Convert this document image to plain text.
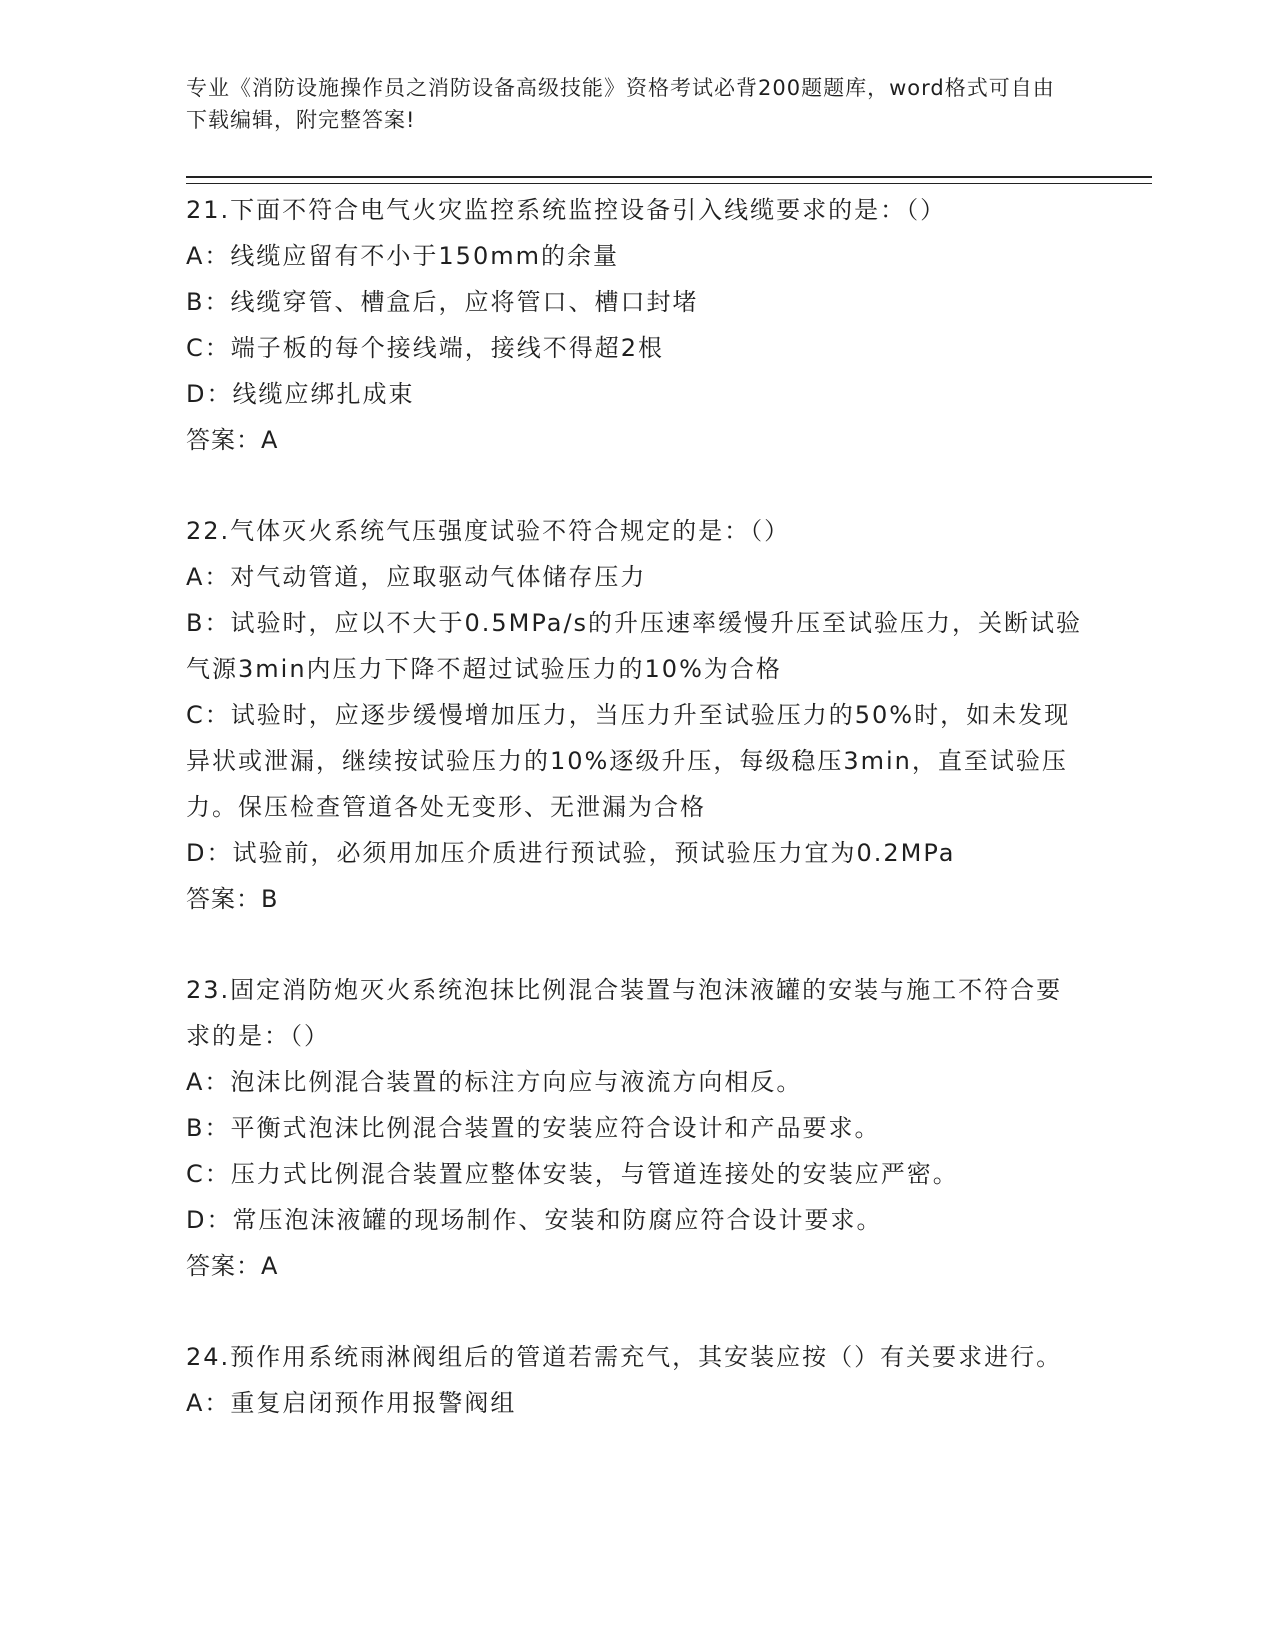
专业《消防设施操作员之消防设备高级技能》资格考试必背200题题库，word格式可自由下载编辑，附完整答案!
21.下面不符合电气火灾监控系统监控设备引入线缆要求的是：（）
A：线缆应留有不小于150mm的余量
B：线缆穿管、槽盒后，应将管口、槽口封堵
C：端子板的每个接线端，接线不得超2根
D：线缆应绑扎成束
答案：A
22.气体灭火系统气压强度试验不符合规定的是：（）
A：对气动管道，应取驱动气体储存压力
B：试验时，应以不大于0.5MPa/s的升压速率缓慢升压至试验压力，关断试验气源3min内压力下降不超过试验压力的10%为合格
C：试验时，应逐步缓慢增加压力，当压力升至试验压力的50%时，如未发现异状或泄漏，继续按试验压力的10%逐级升压，每级稳压3min，直至试验压力。保压检查管道各处无变形、无泄漏为合格
D：试验前，必须用加压介质进行预试验，预试验压力宜为0.2MPa
答案：B
23.固定消防炮灭火系统泡抹比例混合装置与泡沫液罐的安装与施工不符合要求的是：（）
A：泡沫比例混合装置的标注方向应与液流方向相反。
B：平衡式泡沫比例混合装置的安装应符合设计和产品要求。
C：压力式比例混合装置应整体安装，与管道连接处的安装应严密。
D：常压泡沫液罐的现场制作、安装和防腐应符合设计要求。
答案：A
24.预作用系统雨淋阀组后的管道若需充气，其安装应按（）有关要求进行。
A：重复启闭预作用报警阀组
